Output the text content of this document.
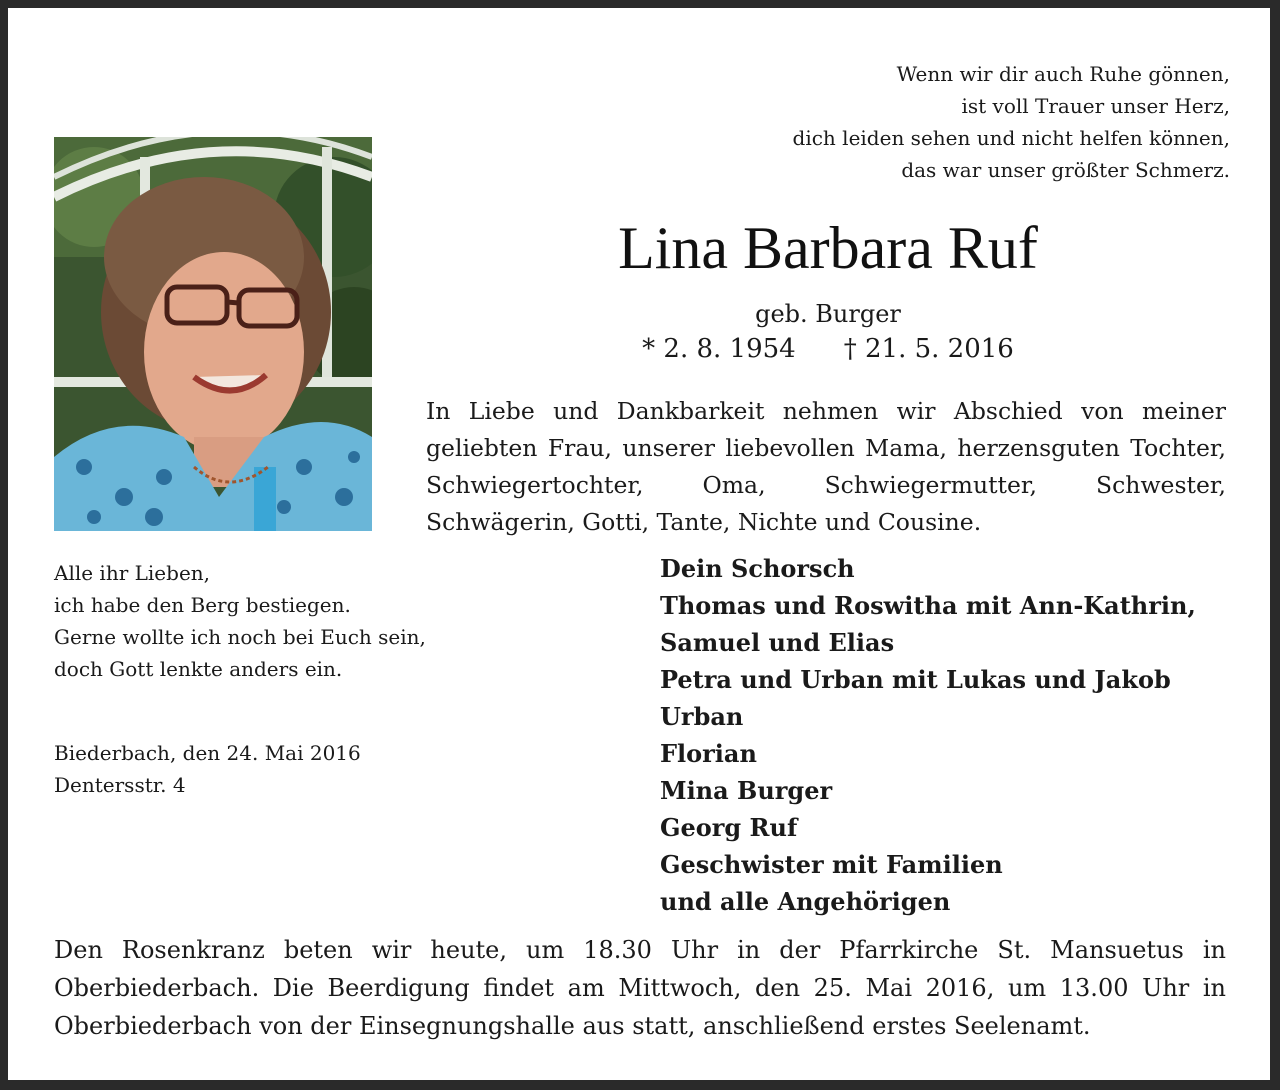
Wenn wir dir auch Ruhe gönnen,
ist voll Trauer unser Herz,
dich leiden sehen und nicht helfen können,
das war unser größter Schmerz.
Lina Barbara Ruf
geb. Burger
* 2. 8. 1954 † 21. 5. 2016
In Liebe und Dankbarkeit nehmen wir Abschied von meiner geliebten Frau, unserer liebevollen Mama, herzensguten Tochter, Schwiegertochter, Oma, Schwiegermutter, Schwester, Schwägerin, Gotti, Tante, Nichte und Cousine.
Alle ihr Lieben,
ich habe den Berg bestiegen.
Gerne wollte ich noch bei Euch sein,
doch Gott lenkte anders ein.
Biederbach, den 24. Mai 2016
Dentersstr. 4
Dein Schorsch
Thomas und Roswitha mit Ann-Kathrin,
Samuel und Elias
Petra und Urban mit Lukas und Jakob
Urban
Florian
Mina Burger
Georg Ruf
Geschwister mit Familien
und alle Angehörigen
Den Rosenkranz beten wir heute, um 18.30 Uhr in der Pfarrkirche St. Mansuetus in Oberbiederbach. Die Beerdigung findet am Mittwoch, den 25. Mai 2016, um 13.00 Uhr in Oberbiederbach von der Einsegnungshalle aus statt, anschließend erstes Seelenamt.
